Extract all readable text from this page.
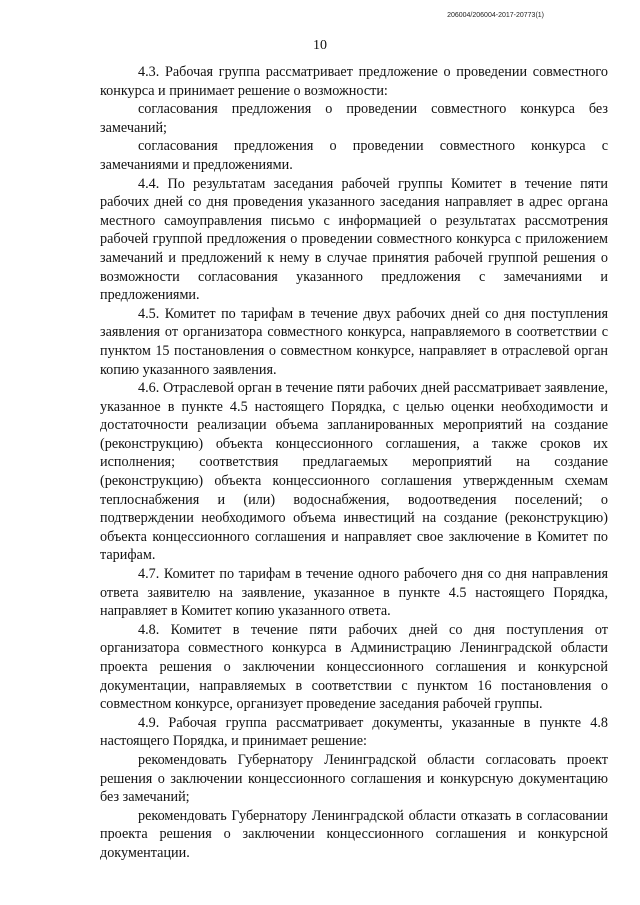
206004/206004-2017-20773(1)
10

4.3. Рабочая группа рассматривает предложение о проведении совместного конкурса и принимает решение о возможности:

согласования предложения о проведении совместного конкурса без замечаний;

согласования предложения о проведении совместного конкурса с замечаниями и предложениями.

4.4. По результатам заседания рабочей группы Комитет в течение пяти рабочих дней со дня проведения указанного заседания направляет в адрес органа местного самоуправления письмо с информацией о результатах рассмотрения рабочей группой предложения о проведении совместного конкурса с приложением замечаний и предложений к нему в случае принятия рабочей группой решения о возможности согласования указанного предложения с замечаниями и предложениями.

4.5. Комитет по тарифам в течение двух рабочих дней со дня поступления заявления от организатора совместного конкурса, направляемого в соответствии с пунктом 15 постановления о совместном конкурсе, направляет в отраслевой орган копию указанного заявления.

4.6. Отраслевой орган в течение пяти рабочих дней рассматривает заявление, указанное в пункте 4.5 настоящего Порядка, с целью оценки необходимости и достаточности реализации объема запланированных мероприятий на создание (реконструкцию) объекта концессионного соглашения, а также сроков их исполнения; соответствия предлагаемых мероприятий на создание (реконструкцию) объекта концессионного соглашения утвержденным схемам теплоснабжения и (или) водоснабжения, водоотведения поселений; о подтверждении необходимого объема инвестиций на создание (реконструкцию) объекта концессионного соглашения и направляет свое заключение в Комитет по тарифам.

4.7. Комитет по тарифам в течение одного рабочего дня со дня направления ответа заявителю на заявление, указанное в пункте 4.5 настоящего Порядка, направляет в Комитет копию указанного ответа.

4.8. Комитет в течение пяти рабочих дней со дня поступления от организатора совместного конкурса в Администрацию Ленинградской области проекта решения о заключении концессионного соглашения и конкурсной документации, направляемых в соответствии с пунктом 16 постановления о совместном конкурсе, организует проведение заседания рабочей группы.

4.9. Рабочая группа рассматривает документы, указанные в пункте 4.8 настоящего Порядка, и принимает решение:

рекомендовать Губернатору Ленинградской области согласовать проект решения о заключении концессионного соглашения и конкурсную документацию без замечаний;

рекомендовать Губернатору Ленинградской области отказать в согласовании проекта решения о заключении концессионного соглашения и конкурсной документации.
